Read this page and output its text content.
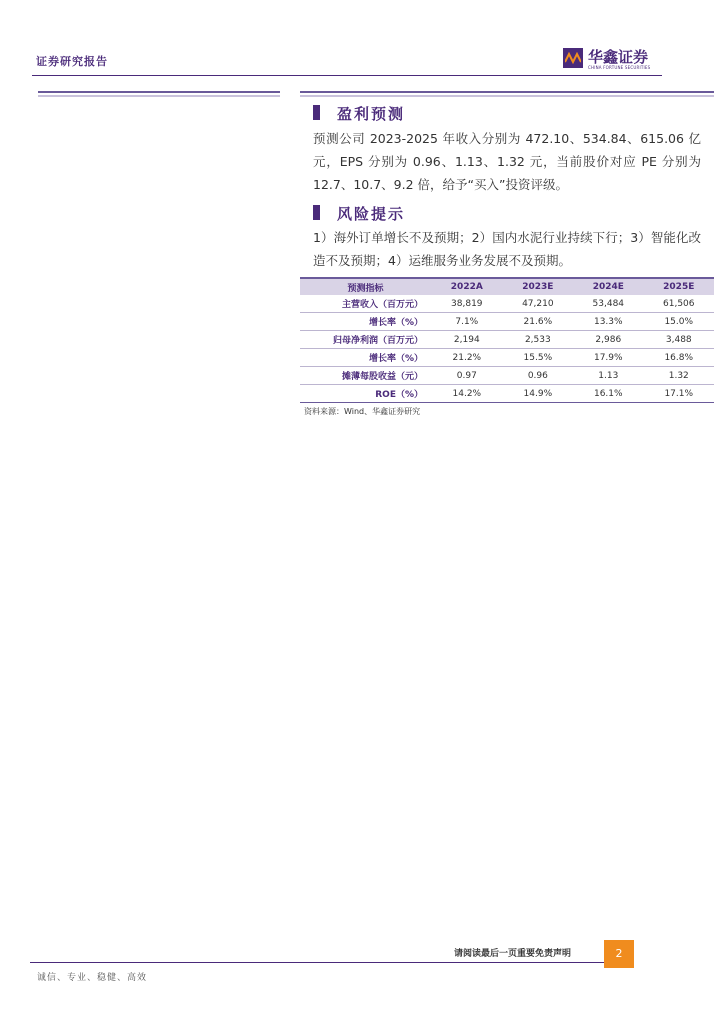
证券研究报告	华鑫证券
CHINA FORTUNE SECURITIES
盈利预测
预测公司 2023-2025 年收入分别为 472.10、534.84、615.06 亿元，EPS 分别为 0.96、1.13、1.32 元，当前股价对应 PE 分别为 12.7、10.7、9.2 倍，给予“买入”投资评级。
风险提示
1）海外订单增长不及预期；2）国内水泥行业持续下行；3）智能化改造不及预期；4）运维服务业务发展不及预期。
预测指标	2022A	2023E	2024E	2025E
主营收入（百万元）	38,819	47,210	53,484	61,506
增长率（%）	7.1%	21.6%	13.3%	15.0%
归母净利润（百万元）	2,194	2,533	2,986	3,488
增长率（%）	21.2%	15.5%	17.9%	16.8%
摊薄每股收益（元）	0.97	0.96	1.13	1.32
ROE（%）	14.2%	14.9%	16.1%	17.1%
资料来源：Wind、华鑫证券研究
请阅读最后一页重要免责声明	2
诚信、专业、稳健、高效
